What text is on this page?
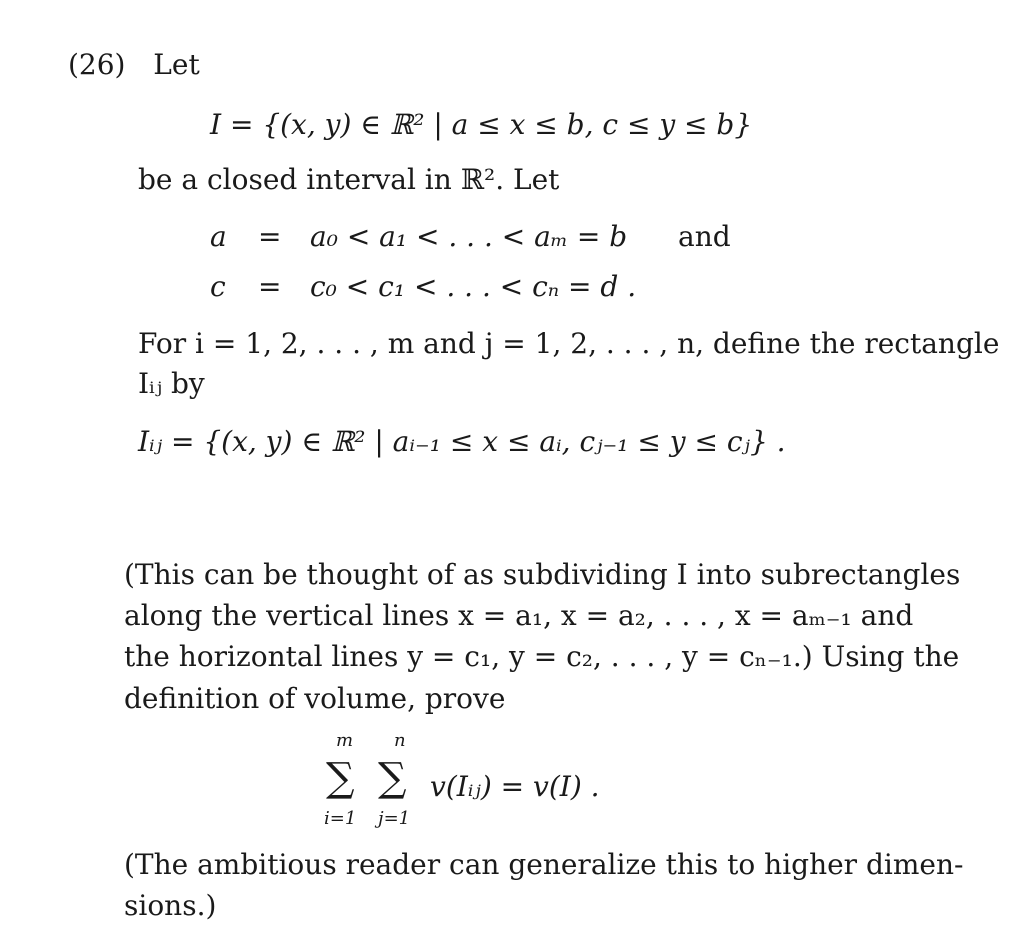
(26) Let
I = {(x, y) ∈ ℝ² | a ≤ x ≤ b, c ≤ y ≤ b}
be a closed interval in ℝ². Let
a	=	a₀ < a₁ < . . . < aₘ = b	and
c	=	c₀ < c₁ < . . . < cₙ = d .	
For i = 1, 2, . . . , m and j = 1, 2, . . . , n, define the rectangle
Iᵢⱼ by
Iᵢⱼ = {(x, y) ∈ ℝ² | aᵢ₋₁ ≤ x ≤ aᵢ, cⱼ₋₁ ≤ y ≤ cⱼ} .
(This can be thought of as subdividing I into subrectangles
along the vertical lines x = a₁, x = a₂, . . . , x = aₘ₋₁ and
the horizontal lines y = c₁, y = c₂, . . . , y = cₙ₋₁.) Using the
definition of volume, prove
m n
∑ ∑
i=1 j=1
v(Iᵢⱼ) = v(I) .
(The ambitious reader can generalize this to higher dimen-
sions.)
